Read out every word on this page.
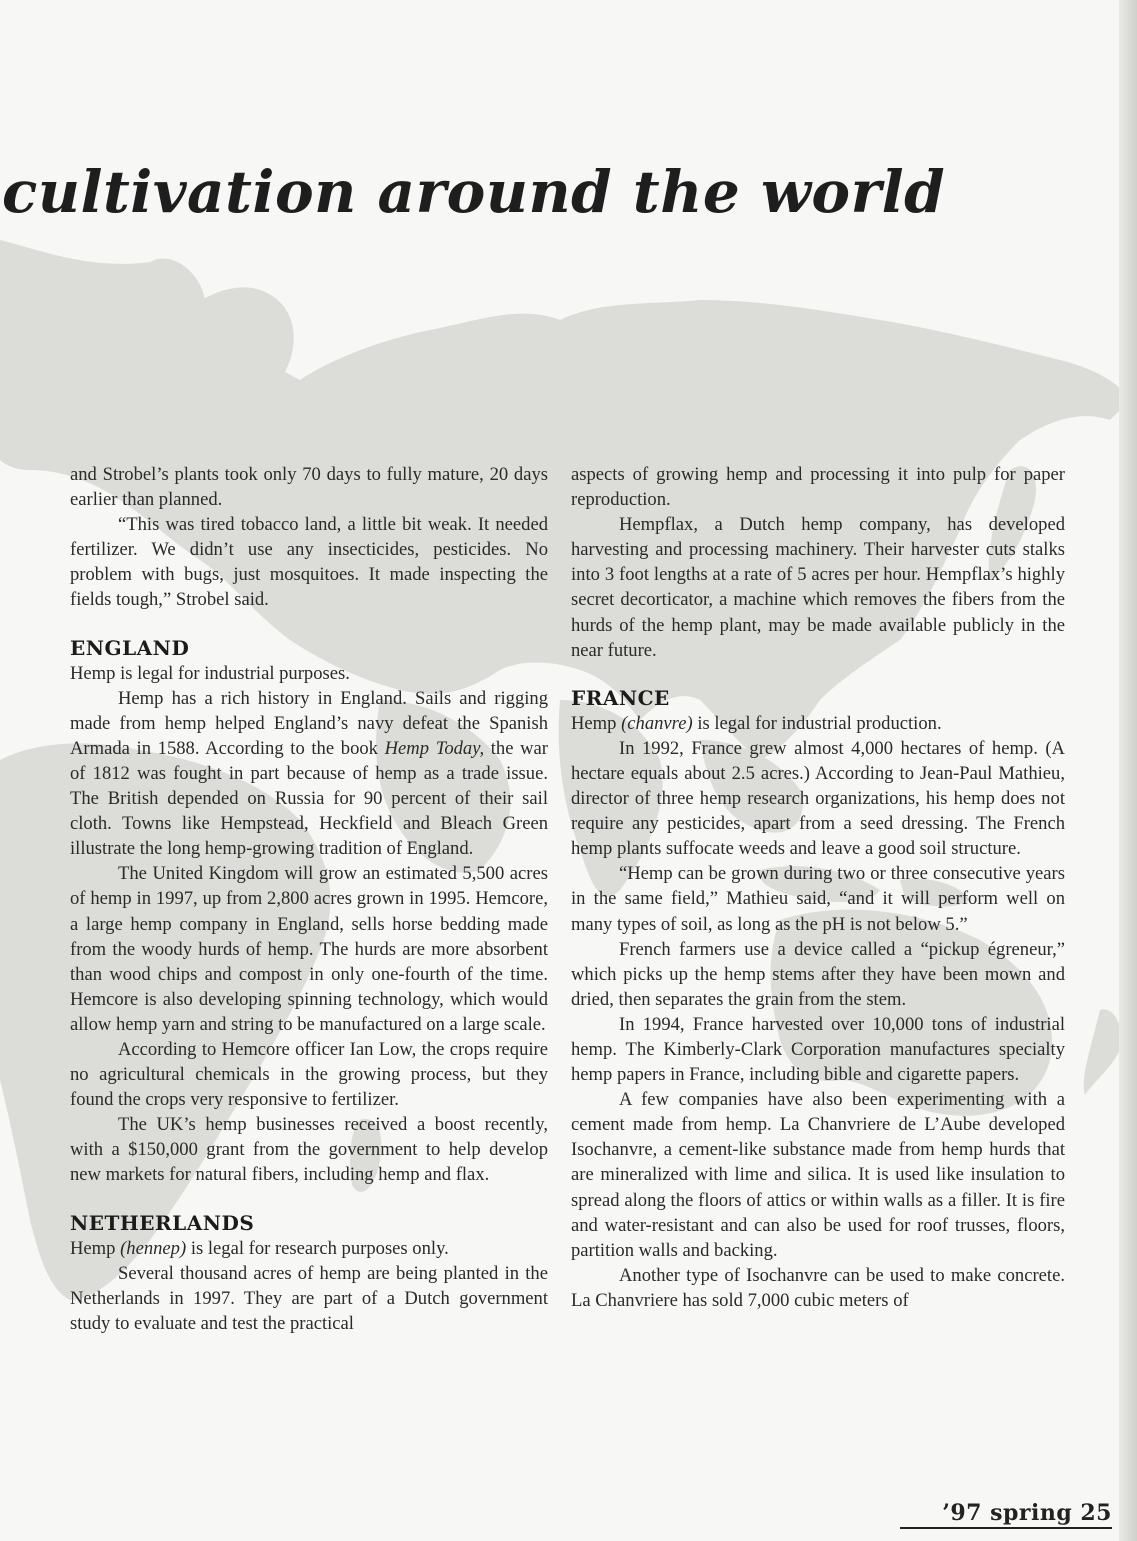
cultivation around the world

and Strobel’s plants took only 70 days to fully mature, 20 days earlier than planned.

“This was tired tobacco land, a little bit weak. It needed fertilizer. We didn’t use any insecticides, pesticides. No problem with bugs, just mosquitoes. It made inspecting the fields tough,” Strobel said.

ENGLAND

Hemp is legal for industrial purposes.

Hemp has a rich history in England. Sails and rigging made from hemp helped England’s navy defeat the Spanish Armada in 1588. According to the book Hemp Today, the war of 1812 was fought in part because of hemp as a trade issue. The British depended on Russia for 90 percent of their sail cloth. Towns like Hempstead, Heckfield and Bleach Green illustrate the long hemp-growing tradition of England.

The United Kingdom will grow an estimated 5,500 acres of hemp in 1997, up from 2,800 acres grown in 1995. Hemcore, a large hemp company in England, sells horse bedding made from the woody hurds of hemp. The hurds are more absorbent than wood chips and compost in only one-fourth of the time. Hemcore is also developing spinning technology, which would allow hemp yarn and string to be manufactured on a large scale.

According to Hemcore officer Ian Low, the crops require no agricultural chemicals in the growing process, but they found the crops very responsive to fertilizer.

The UK’s hemp businesses received a boost recently, with a $150,000 grant from the government to help develop new markets for natural fibers, including hemp and flax.

NETHERLANDS

Hemp (hennep) is legal for research purposes only.

Several thousand acres of hemp are being planted in the Netherlands in 1997. They are part of a Dutch government study to evaluate and test the practical

aspects of growing hemp and processing it into pulp for paper reproduction.

Hempflax, a Dutch hemp company, has developed harvesting and processing machinery. Their harvester cuts stalks into 3 foot lengths at a rate of 5 acres per hour. Hempflax’s highly secret decorticator, a machine which removes the fibers from the hurds of the hemp plant, may be made available publicly in the near future.

FRANCE

Hemp (chanvre) is legal for industrial production.

In 1992, France grew almost 4,000 hectares of hemp. (A hectare equals about 2.5 acres.) According to Jean-Paul Mathieu, director of three hemp research organizations, his hemp does not require any pesticides, apart from a seed dressing. The French hemp plants suffocate weeds and leave a good soil structure.

“Hemp can be grown during two or three consecutive years in the same field,” Mathieu said, “and it will perform well on many types of soil, as long as the pH is not below 5.”

French farmers use a device called a “pickup égreneur,” which picks up the hemp stems after they have been mown and dried, then separates the grain from the stem.

In 1994, France harvested over 10,000 tons of industrial hemp. The Kimberly-Clark Corporation manufactures specialty hemp papers in France, including bible and cigarette papers.

A few companies have also been experimenting with a cement made from hemp. La Chanvriere de L’Aube developed Isochanvre, a cement-like substance made from hemp hurds that are mineralized with lime and silica. It is used like insulation to spread along the floors of attics or within walls as a filler. It is fire and water-resistant and can also be used for roof trusses, floors, partition walls and backing.

Another type of Isochanvre can be used to make concrete. La Chanvriere has sold 7,000 cubic meters of

’97 spring 25
